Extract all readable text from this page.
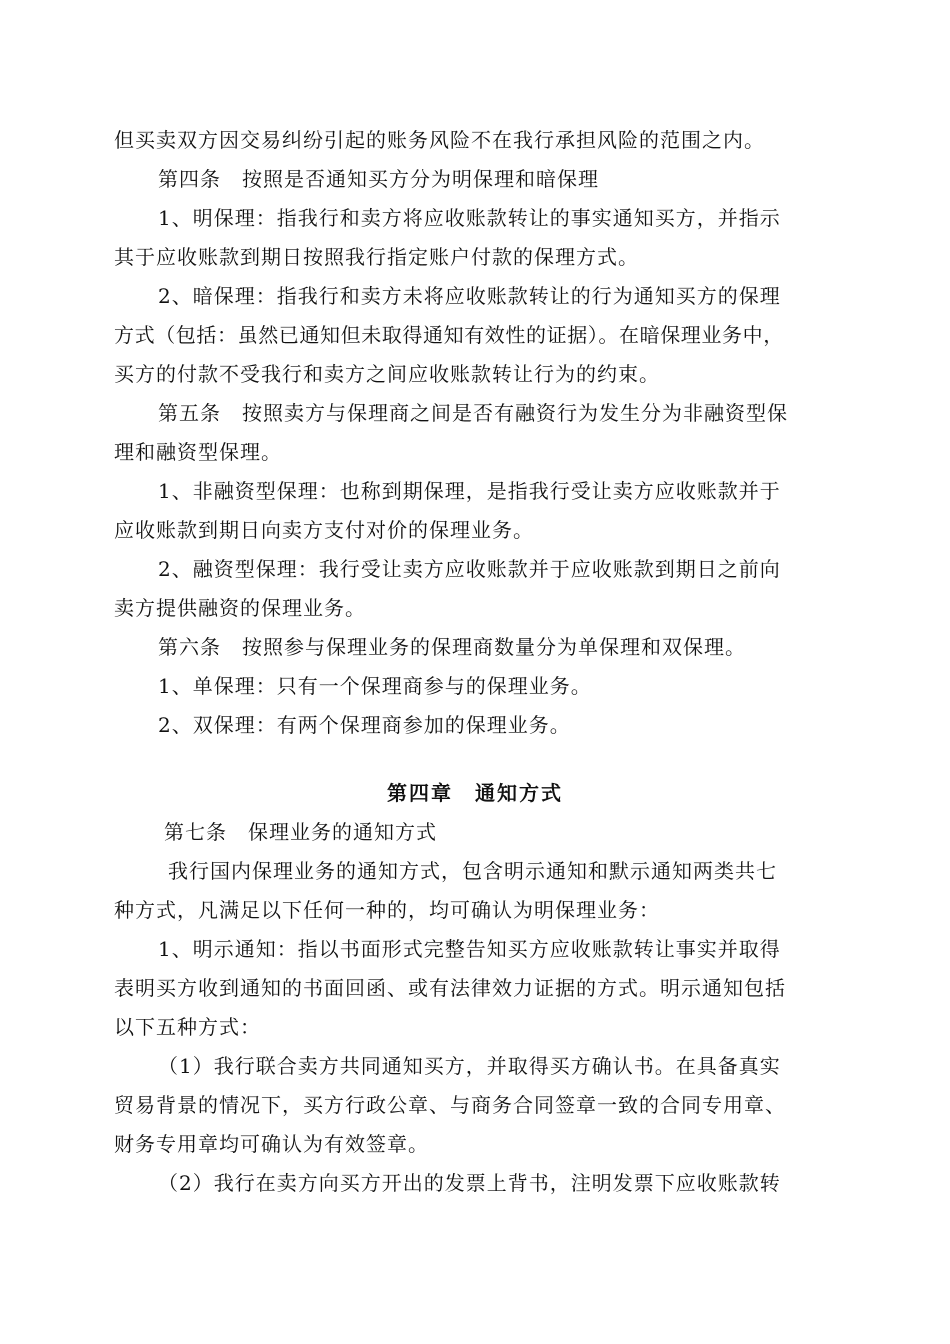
但买卖双方因交易纠纷引起的账务风险不在我行承担风险的范围之内。
第四条　按照是否通知买方分为明保理和暗保理
1、明保理：指我行和卖方将应收账款转让的事实通知买方，并指示
其于应收账款到期日按照我行指定账户付款的保理方式。
2、暗保理：指我行和卖方未将应收账款转让的行为通知买方的保理
方式（包括：虽然已通知但未取得通知有效性的证据）。在暗保理业务中，
买方的付款不受我行和卖方之间应收账款转让行为的约束。
第五条　按照卖方与保理商之间是否有融资行为发生分为非融资型保
理和融资型保理。
1、非融资型保理：也称到期保理，是指我行受让卖方应收账款并于
应收账款到期日向卖方支付对价的保理业务。
2、融资型保理：我行受让卖方应收账款并于应收账款到期日之前向
卖方提供融资的保理业务。
第六条　按照参与保理业务的保理商数量分为单保理和双保理。
1、单保理：只有一个保理商参与的保理业务。
2、双保理：有两个保理商参加的保理业务。
第四章　通知方式
第七条　保理业务的通知方式
我行国内保理业务的通知方式，包含明示通知和默示通知两类共七
种方式，凡满足以下任何一种的，均可确认为明保理业务：
1、明示通知：指以书面形式完整告知买方应收账款转让事实并取得
表明买方收到通知的书面回函、或有法律效力证据的方式。明示通知包括
以下五种方式：
（1）我行联合卖方共同通知买方，并取得买方确认书。在具备真实
贸易背景的情况下，买方行政公章、与商务合同签章一致的合同专用章、
财务专用章均可确认为有效签章。
（2）我行在卖方向买方开出的发票上背书，注明发票下应收账款转
